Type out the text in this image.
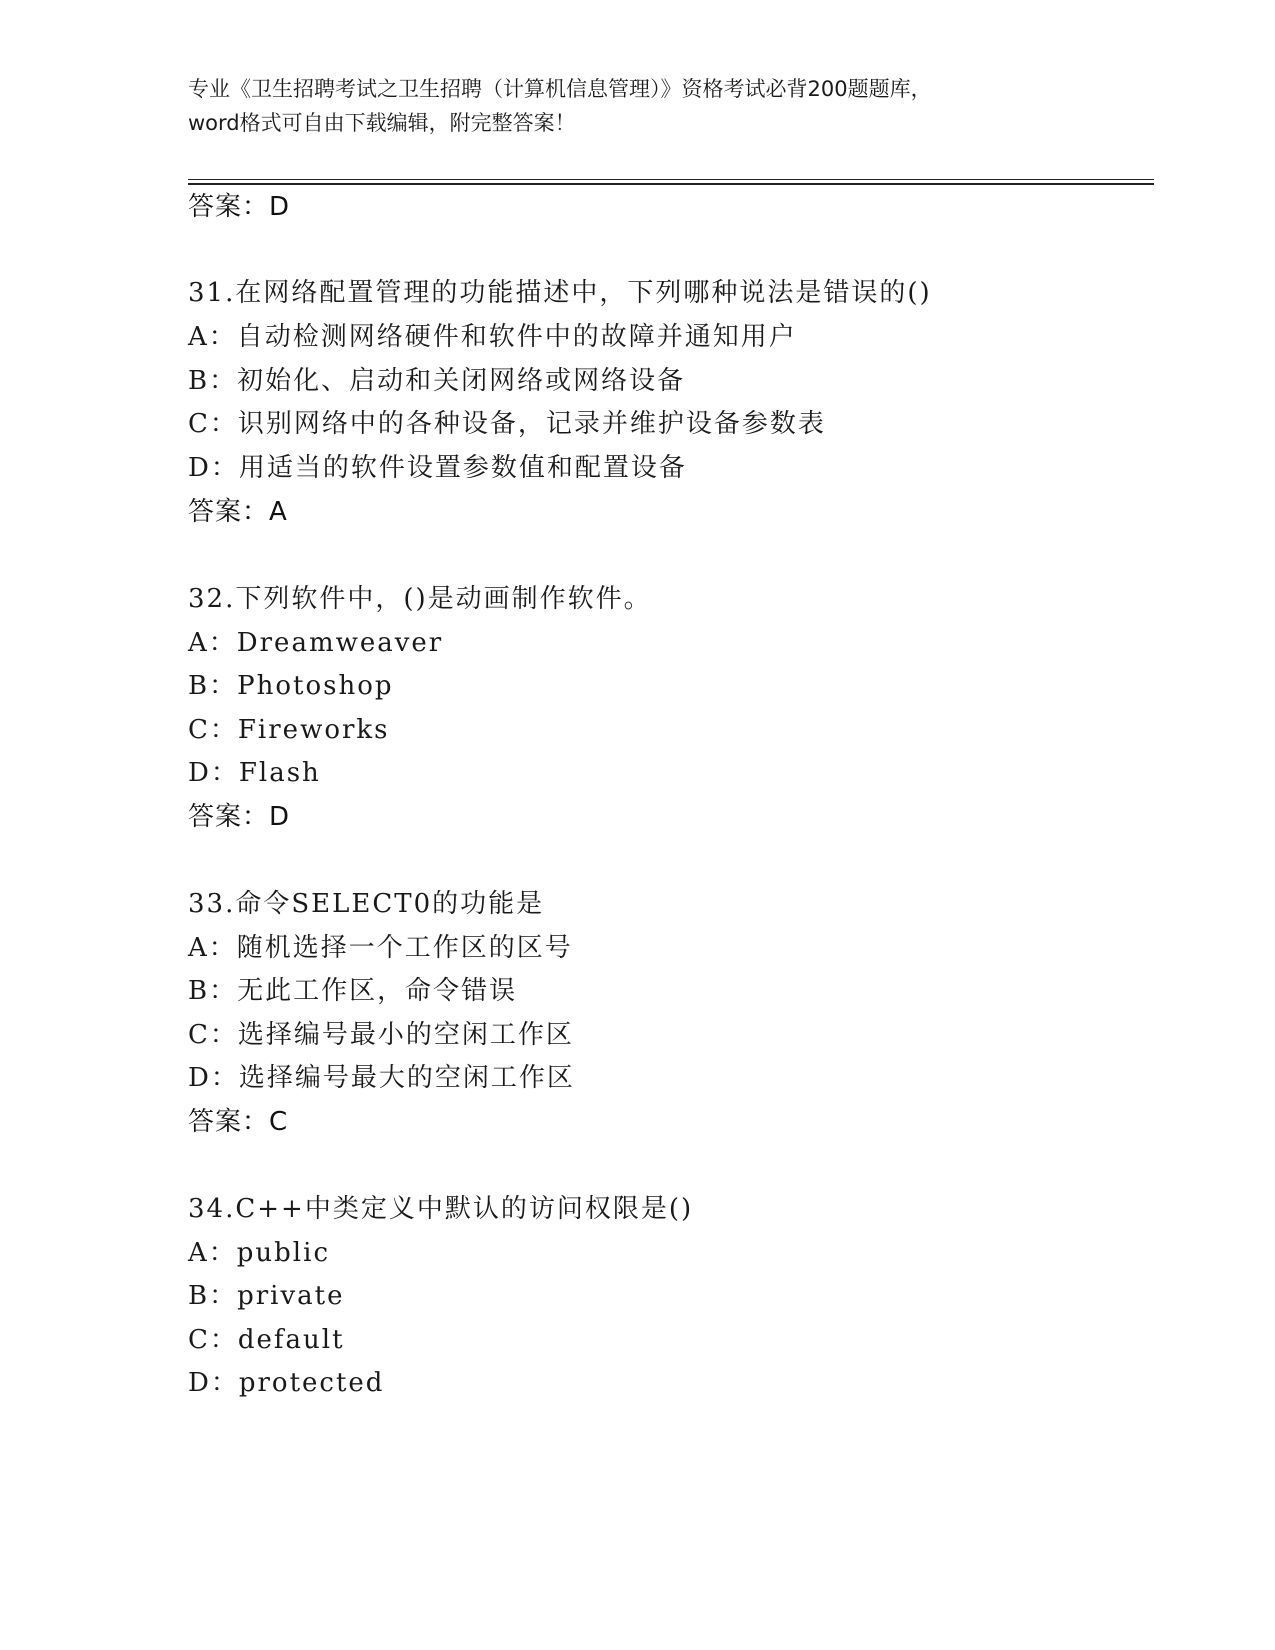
专业《卫生招聘考试之卫生招聘（计算机信息管理）》资格考试必背200题题库，

word格式可自由下载编辑，附完整答案！

答案：D
31.在网络配置管理的功能描述中，下列哪种说法是错误的()
A：自动检测网络硬件和软件中的故障并通知用户
B：初始化、启动和关闭网络或网络设备
C：识别网络中的各种设备，记录并维护设备参数表
D：用适当的软件设置参数值和配置设备
答案：A
32.下列软件中，()是动画制作软件。
A：Dreamweaver
B：Photoshop
C：Fireworks
D：Flash
答案：D
33.命令SELECT0的功能是
A：随机选择一个工作区的区号
B：无此工作区，命令错误
C：选择编号最小的空闲工作区
D：选择编号最大的空闲工作区
答案：C
34.C++中类定义中默认的访问权限是()
A：public
B：private
C：default
D：protected
